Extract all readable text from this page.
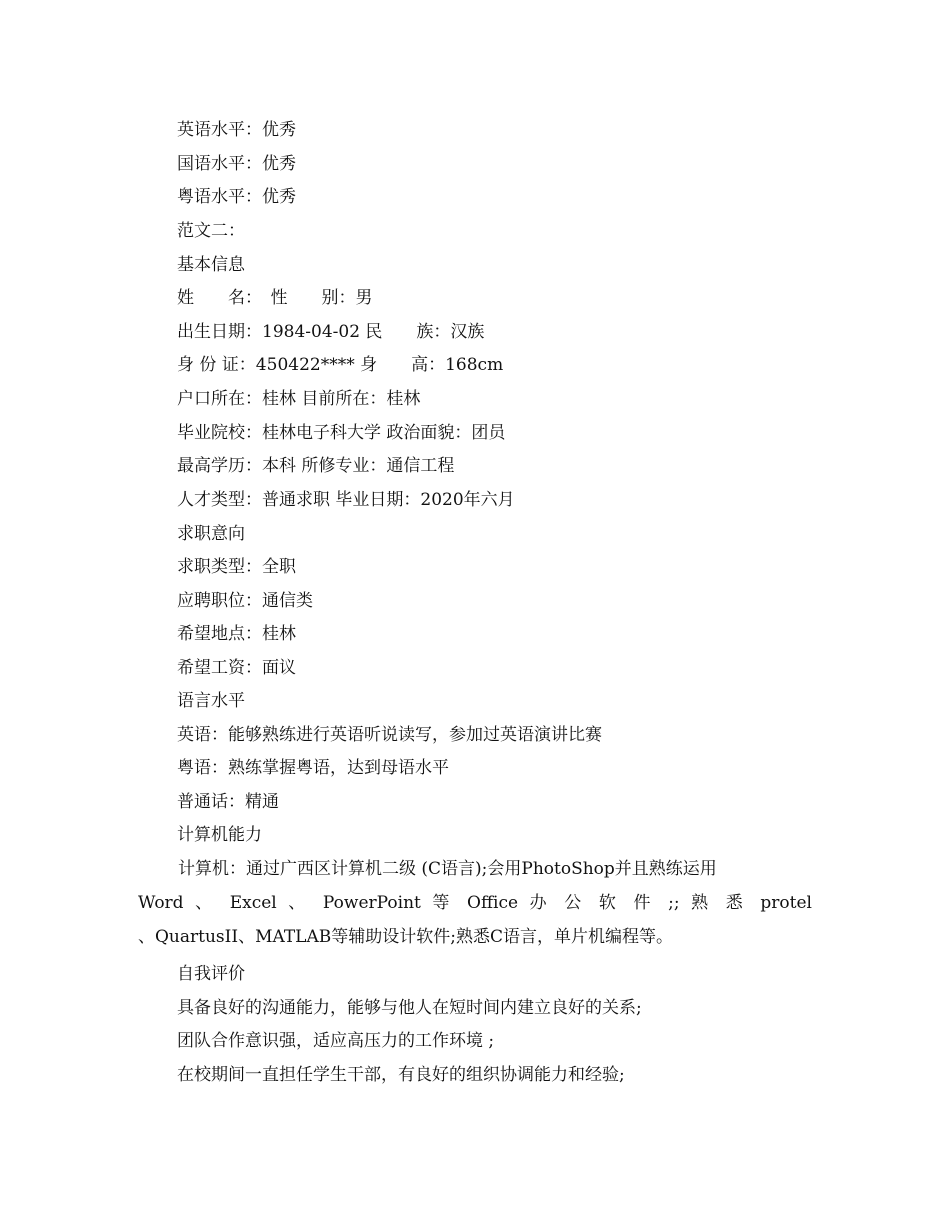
英语水平：优秀
国语水平：优秀
粤语水平：优秀
范文二：
基本信息
姓　　名：　性　　别：男
出生日期：1984-04-02 民　　族：汉族
身 份 证：450422**** 身　　高：168cm
户口所在：桂林 目前所在：桂林
毕业院校：桂林电子科大学 政治面貌：团员
最高学历：本科 所修专业：通信工程
人才类型：普通求职 毕业日期：2020年六月
求职意向
求职类型：全职
应聘职位：通信类
希望地点：桂林
希望工资：面议
语言水平
英语：能够熟练进行英语听说读写，参加过英语演讲比赛
粤语：熟练掌握粤语，达到母语水平
普通话：精通
计算机能力
计算机：通过广西区计算机二级 (C语言);会用PhotoShop并且熟练运用
Word 、 Excel 、 PowerPoint 等 Office 办 公 软 件 ;; 熟 悉 protel
、QuartusII、MATLAB等辅助设计软件;熟悉C语言，单片机编程等。
自我评价
具备良好的沟通能力，能够与他人在短时间内建立良好的关系;
团队合作意识强，适应高压力的工作环境 ;
在校期间一直担任学生干部，有良好的组织协调能力和经验;
